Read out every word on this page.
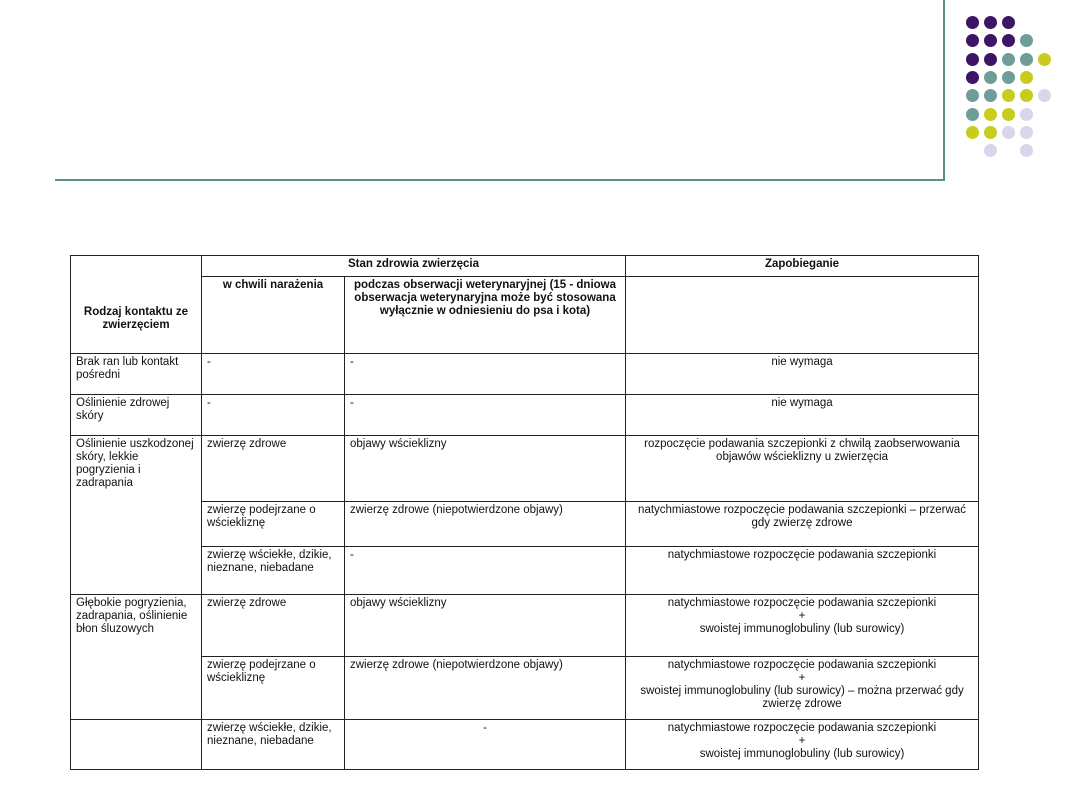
Rodzaj kontaktu ze zwierzęciem	Stan zdrowia zwierzęcia		Zapobieganie
	w chwili narażenia	podczas obserwacji weterynaryjnej (15 - dniowa obserwacja weterynaryjna może być stosowana wyłącznie w odniesieniu do psa i kota)	
Brak ran lub kontakt pośredni	-	-	nie wymaga

Oślinienie zdrowej skóry	-	-	nie wymaga

Oślinienie uszkodzonej skóry, lekkie pogryzienia i zadrapania	zwierzę zdrowe	objawy wścieklizny	rozpoczęcie podawania szczepionki z chwilą zaobserwowania objawów wścieklizny u zwierzęcia

	zwierzę podejrzane o wściekliznę	zwierzę zdrowe (niepotwierdzone objawy)	natychmiastowe rozpoczęcie podawania szczepionki – przerwać gdy zwierzę zdrowe

	zwierzę wściekłe, dzikie, nieznane, niebadane	-	natychmiastowe rozpoczęcie podawania szczepionki

Głębokie pogryzienia, zadrapania, oślinienie błon śluzowych	zwierzę zdrowe	objawy wścieklizny	natychmiastowe rozpoczęcie podawania szczepionki
+
swoistej immunoglobuliny (lub surowicy)

	zwierzę podejrzane o wściekliznę	zwierzę zdrowe (niepotwierdzone objawy)	natychmiastowe rozpoczęcie podawania szczepionki
+
swoistej immunoglobuliny (lub surowicy) – można przerwać gdy zwierzę zdrowe

	zwierzę wściekłe, dzikie, nieznane, niebadane	-	natychmiastowe rozpoczęcie podawania szczepionki
+
swoistej immunoglobuliny (lub surowicy)
